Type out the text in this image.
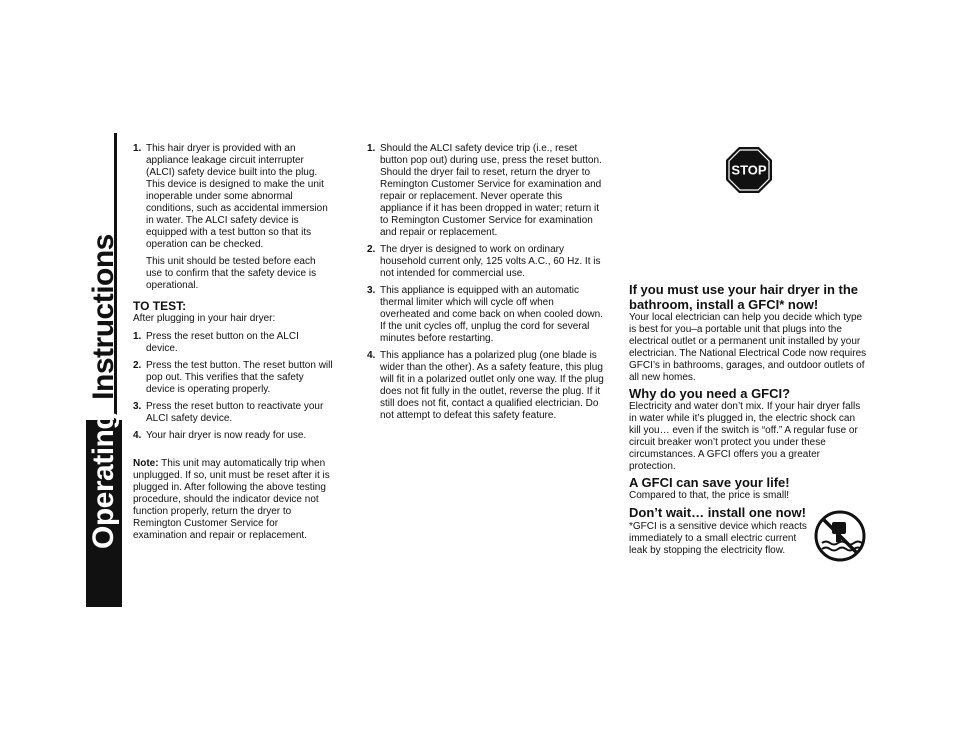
Operating
Instructions
1. This hair dryer is provided with an appliance leakage circuit interrupter (ALCI) safety device built into the plug. This device is designed to make the unit inoperable under some abnormal conditions, such as accidental immersion in water. The ALCI safety device is equipped with a test button so that its operation can be checked.

This unit should be tested before each use to confirm that the safety device is operational.

TO TEST:

After plugging in your hair dryer:

1. Press the reset button on the ALCI device.
2. Press the test button. The reset button will pop out. This verifies that the safety device is operating properly.
3. Press the reset button to reactivate your ALCI safety device.
4. Your hair dryer is now ready for use.

Note: This unit may automatically trip when unplugged. If so, unit must be reset after it is plugged in. After following the above testing procedure, should the indicator device not function properly, return the dryer to Remington Customer Service for examination and repair or replacement.

1. Should the ALCI safety device trip (i.e., reset button pop out) during use, press the reset button. Should the dryer fail to reset, return the dryer to Remington Customer Service for examination and repair or replacement. Never operate this appliance if it has been dropped in water; return it to Remington Customer Service for examination and repair or replacement.
2. The dryer is designed to work on ordinary household current only, 125 volts A.C., 60 Hz. It is not intended for commercial use.
3. This appliance is equipped with an automatic thermal limiter which will cycle off when overheated and come back on when cooled down. If the unit cycles off, unplug the cord for several minutes before restarting.
4. This appliance has a polarized plug (one blade is wider than the other). As a safety feature, this plug will fit in a polarized outlet only one way. If the plug does not fit fully in the outlet, reverse the plug. If it still does not fit, contact a qualified electrician. Do not attempt to defeat this safety feature.
STOP

If you must use your hair dryer in the bathroom, install a GFCI* now!

Your local electrician can help you decide which type is best for you–a portable unit that plugs into the electrical outlet or a permanent unit installed by your electrician. The National Electrical Code now requires GFCI’s in bathrooms, garages, and outdoor outlets of all new homes.

Why do you need a GFCI?

Electricity and water don’t mix. If your hair dryer falls in water while it’s plugged in, the electric shock can kill you… even if the switch is “off.” A regular fuse or circuit breaker won’t protect you under these circumstances. A GFCI offers you a greater protection.

A GFCI can save your life!

Compared to that, the price is small!

Don’t wait… install one now! *GFCI is a sensitive device which reacts immediately to a small electric current leak by stopping the electricity flow.
